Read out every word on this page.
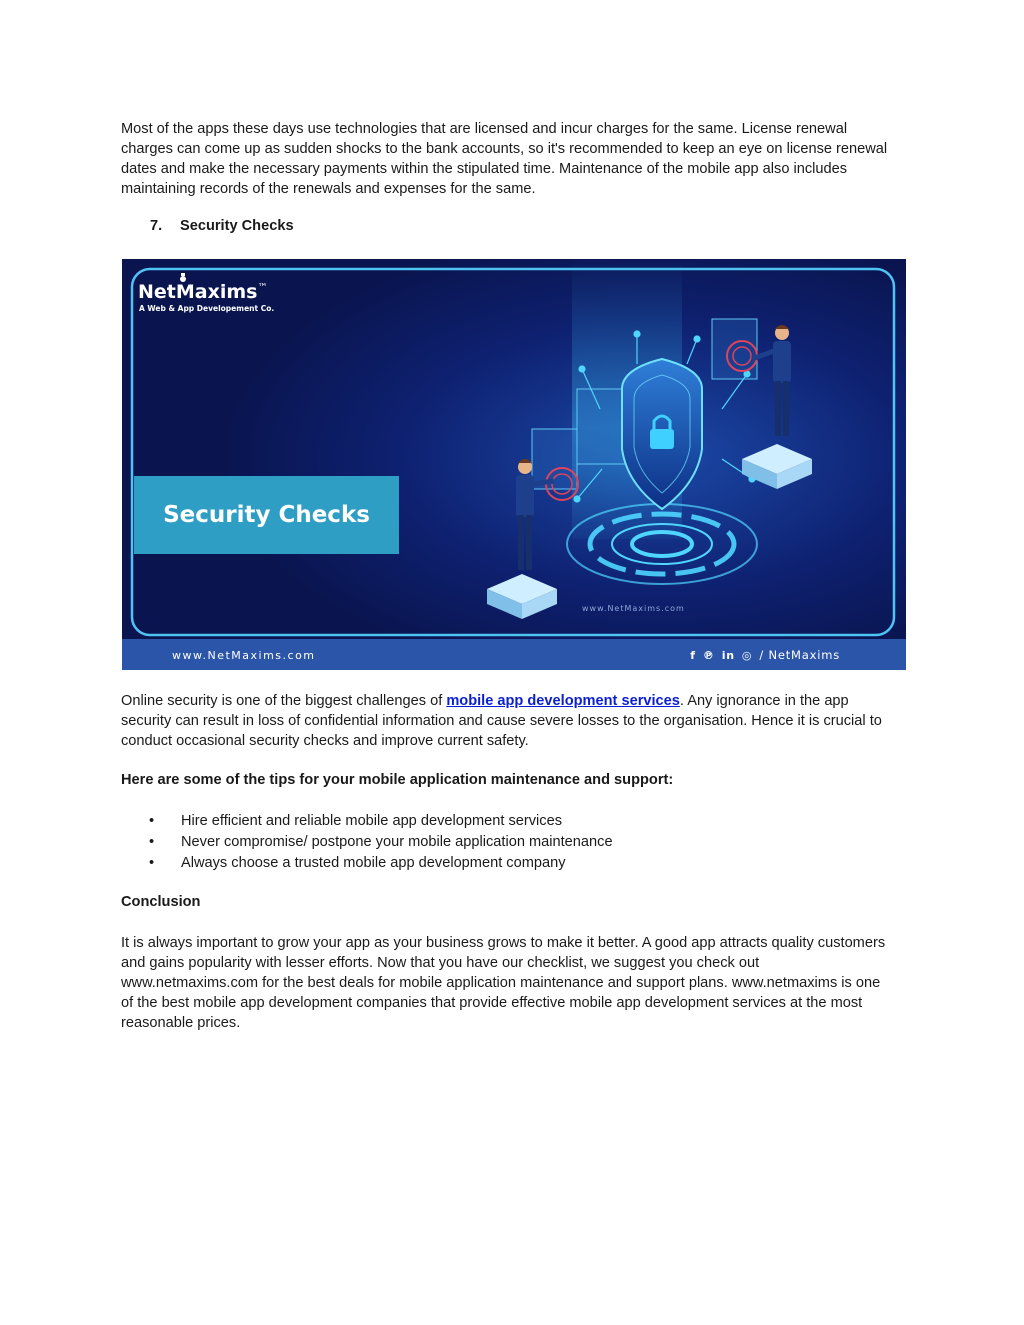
Most of the apps these days use technologies that are licensed and incur charges for the same. License renewal charges can come up as sudden shocks to the bank accounts, so it's recommended to keep an eye on license renewal dates and make the necessary payments within the stipulated time. Maintenance of the mobile app also includes maintaining records of the renewals and expenses for the same.

7. Security Checks
NetMaxims™
A Web & App Developement Co.
Security Checks
www.NetMaxims.com
www.NetMaxims.com	f ℗ in ◎ / NetMaxims

Online security is one of the biggest challenges of mobile app development services. Any ignorance in the app security can result in loss of confidential information and cause severe losses to the organisation. Hence it is crucial to conduct occasional security checks and improve current safety.

Here are some of the tips for your mobile application maintenance and support:

• Hire efficient and reliable mobile app development services
• Never compromise/ postpone your mobile application maintenance
• Always choose a trusted mobile app development company

Conclusion

It is always important to grow your app as your business grows to make it better. A good app attracts quality customers and gains popularity with lesser efforts. Now that you have our checklist, we suggest you check out www.netmaxims.com for the best deals for mobile application maintenance and support plans. www.netmaxims is one of the best mobile app development companies that provide effective mobile app development services at the most reasonable prices.
